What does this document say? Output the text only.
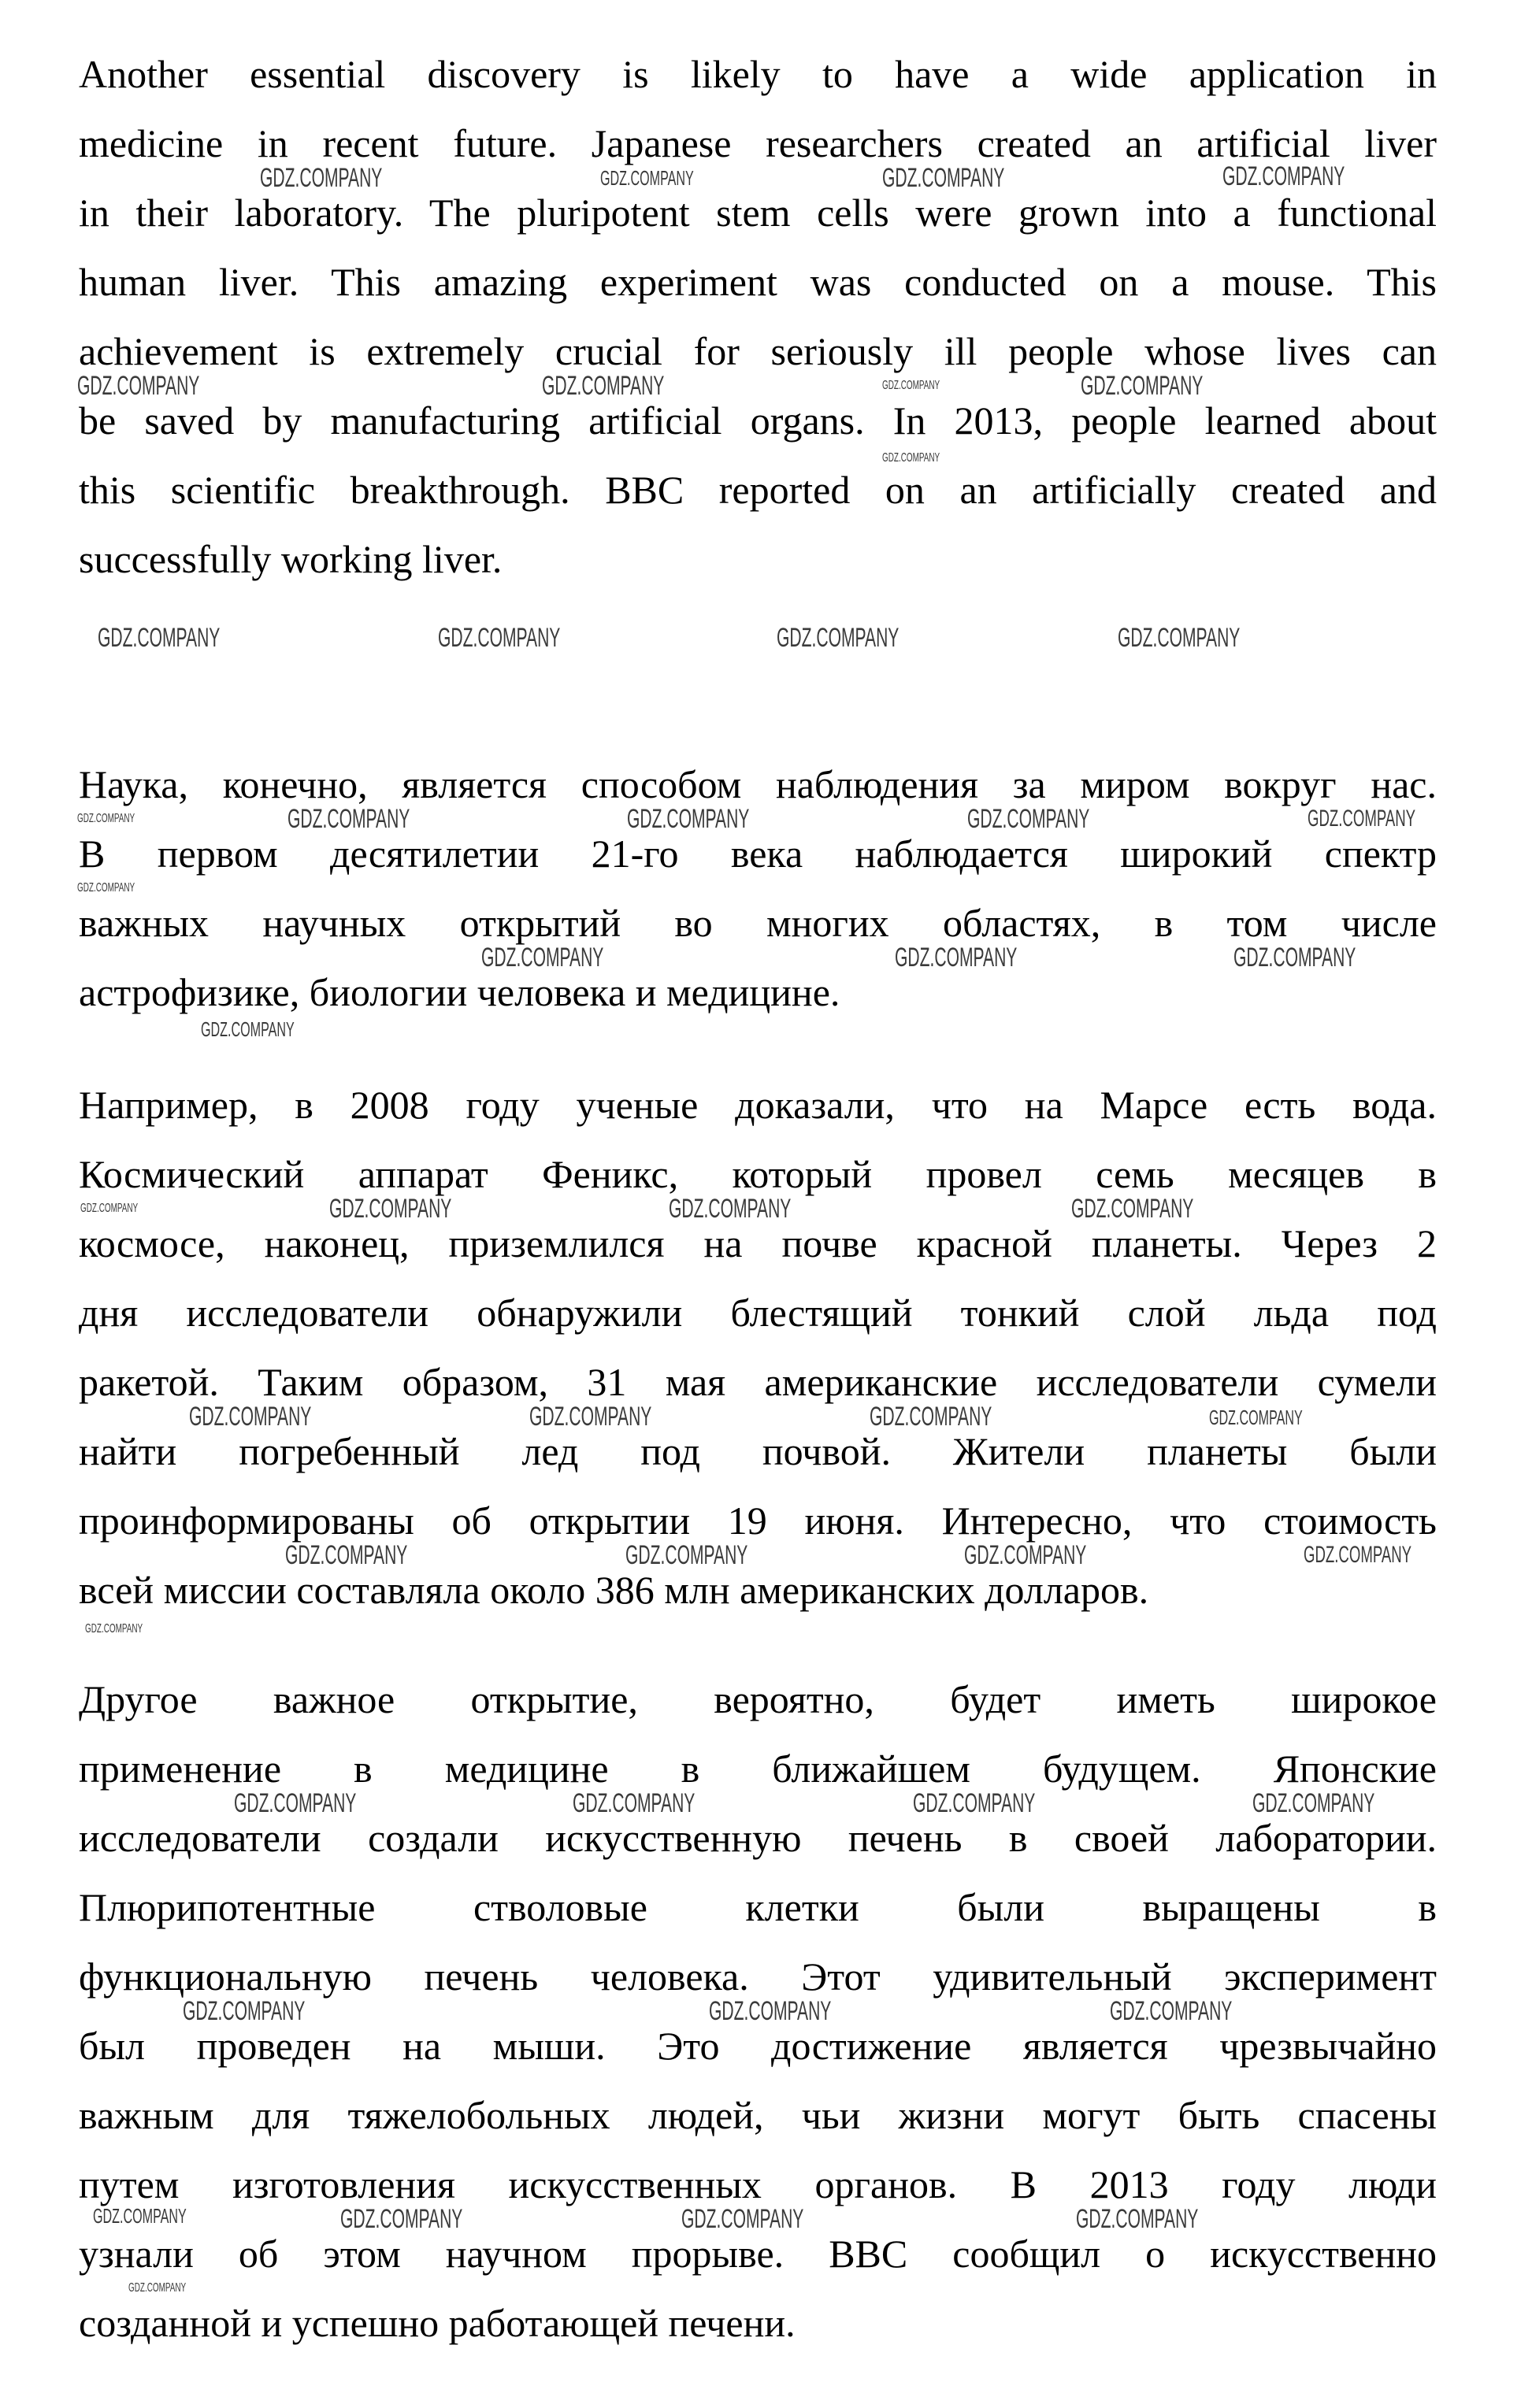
Another essential discovery is likely to have a wide application in
medicine in recent future. Japanese researchers created an artificial liver
in their laboratory. The pluripotent stem cells were grown into a functional
human liver. This amazing experiment was conducted on a mouse. This
achievement is extremely crucial for seriously ill people whose lives can
be saved by manufacturing artificial organs. In 2013, people learned about
this scientific breakthrough. BBC reported on an artificially created and
successfully working liver.
Наука, конечно, является способом наблюдения за миром вокруг нас.
В первом десятилетии 21-го века наблюдается широкий спектр
важных научных открытий во многих областях, в том числе
астрофизике, биологии человека и медицине.
Например, в 2008 году ученые доказали, что на Марсе есть вода.
Космический аппарат Феникс, который провел семь месяцев в
космосе, наконец, приземлился на почве красной планеты. Через 2
дня исследователи обнаружили блестящий тонкий слой льда под
ракетой. Таким образом, 31 мая американские исследователи сумели
найти погребенный лед под почвой. Жители планеты были
проинформированы об открытии 19 июня. Интересно, что стоимость
всей миссии составляла около 386 млн американских долларов.
Другое важное открытие, вероятно, будет иметь широкое
применение в медицине в ближайшем будущем. Японские
исследователи создали искусственную печень в своей лаборатории.
Плюрипотентные стволовые клетки были выращены в
функциональную печень человека. Этот удивительный эксперимент
был проведен на мыши. Это достижение является чрезвычайно
важным для тяжелобольных людей, чьи жизни могут быть спасены
путем изготовления искусственных органов. В 2013 году люди
узнали об этом научном прорыве. BBC сообщил о искусственно
созданной и успешно работающей печени.
GDZ.COMPANY	GDZ.COMPANY	GDZ.COMPANY	GDZ.COMPANY
GDZ.COMPANY	GDZ.COMPANY	GDZ.COMPANY	GDZ.COMPANY
GDZ.COMPANY
GDZ.COMPANY	GDZ.COMPANY	GDZ.COMPANY	GDZ.COMPANY
GDZ.COMPANY	GDZ.COMPANY	GDZ.COMPANY	GDZ.COMPANY	GDZ.COMPANY
GDZ.COMPANY
GDZ.COMPANY
GDZ.COMPANY	GDZ.COMPANY	GDZ.COMPANY
GDZ.COMPANY	GDZ.COMPANY	GDZ.COMPANY	GDZ.COMPANY
GDZ.COMPANY	GDZ.COMPANY	GDZ.COMPANY	GDZ.COMPANY
GDZ.COMPANY
GDZ.COMPANY
GDZ.COMPANY	GDZ.COMPANY	GDZ.COMPANY
GDZ.COMPANY	GDZ.COMPANY	GDZ.COMPANY	GDZ.COMPANY
GDZ.COMPANY	GDZ.COMPANY	GDZ.COMPANY
GDZ.COMPANY	GDZ.COMPANY	GDZ.COMPANY	GDZ.COMPANY
GDZ.COMPANY
